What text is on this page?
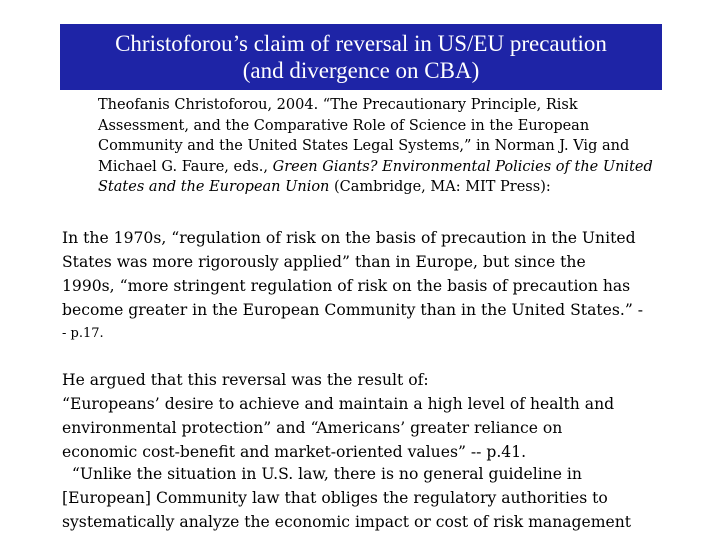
Christoforou’s claim of reversal in US/EU precaution
(and divergence on CBA)
Theofanis Christoforou, 2004. “The Precautionary Principle, Risk
Assessment, and the Comparative Role of Science in the European
Community and the United States Legal Systems,” in Norman J. Vig and
Michael G. Faure, eds., Green Giants? Environmental Policies of the United
States and the European Union (Cambridge, MA: MIT Press):
In the 1970s, “regulation of risk on the basis of precaution in the United
States was more rigorously applied” than in Europe, but since the
1990s, “more stringent regulation of risk on the basis of precaution has
become greater in the European Community than in the United States.” -
- p.17.
He argued that this reversal was the result of:
“Europeans’ desire to achieve and maintain a high level of health and
environmental protection” and “Americans’ greater reliance on
economic cost-benefit and market-oriented values” -- p.41.
“Unlike the situation in U.S. law, there is no general guideline in
[European] Community law that obliges the regulatory authorities to
systematically analyze the economic impact or cost of risk management
